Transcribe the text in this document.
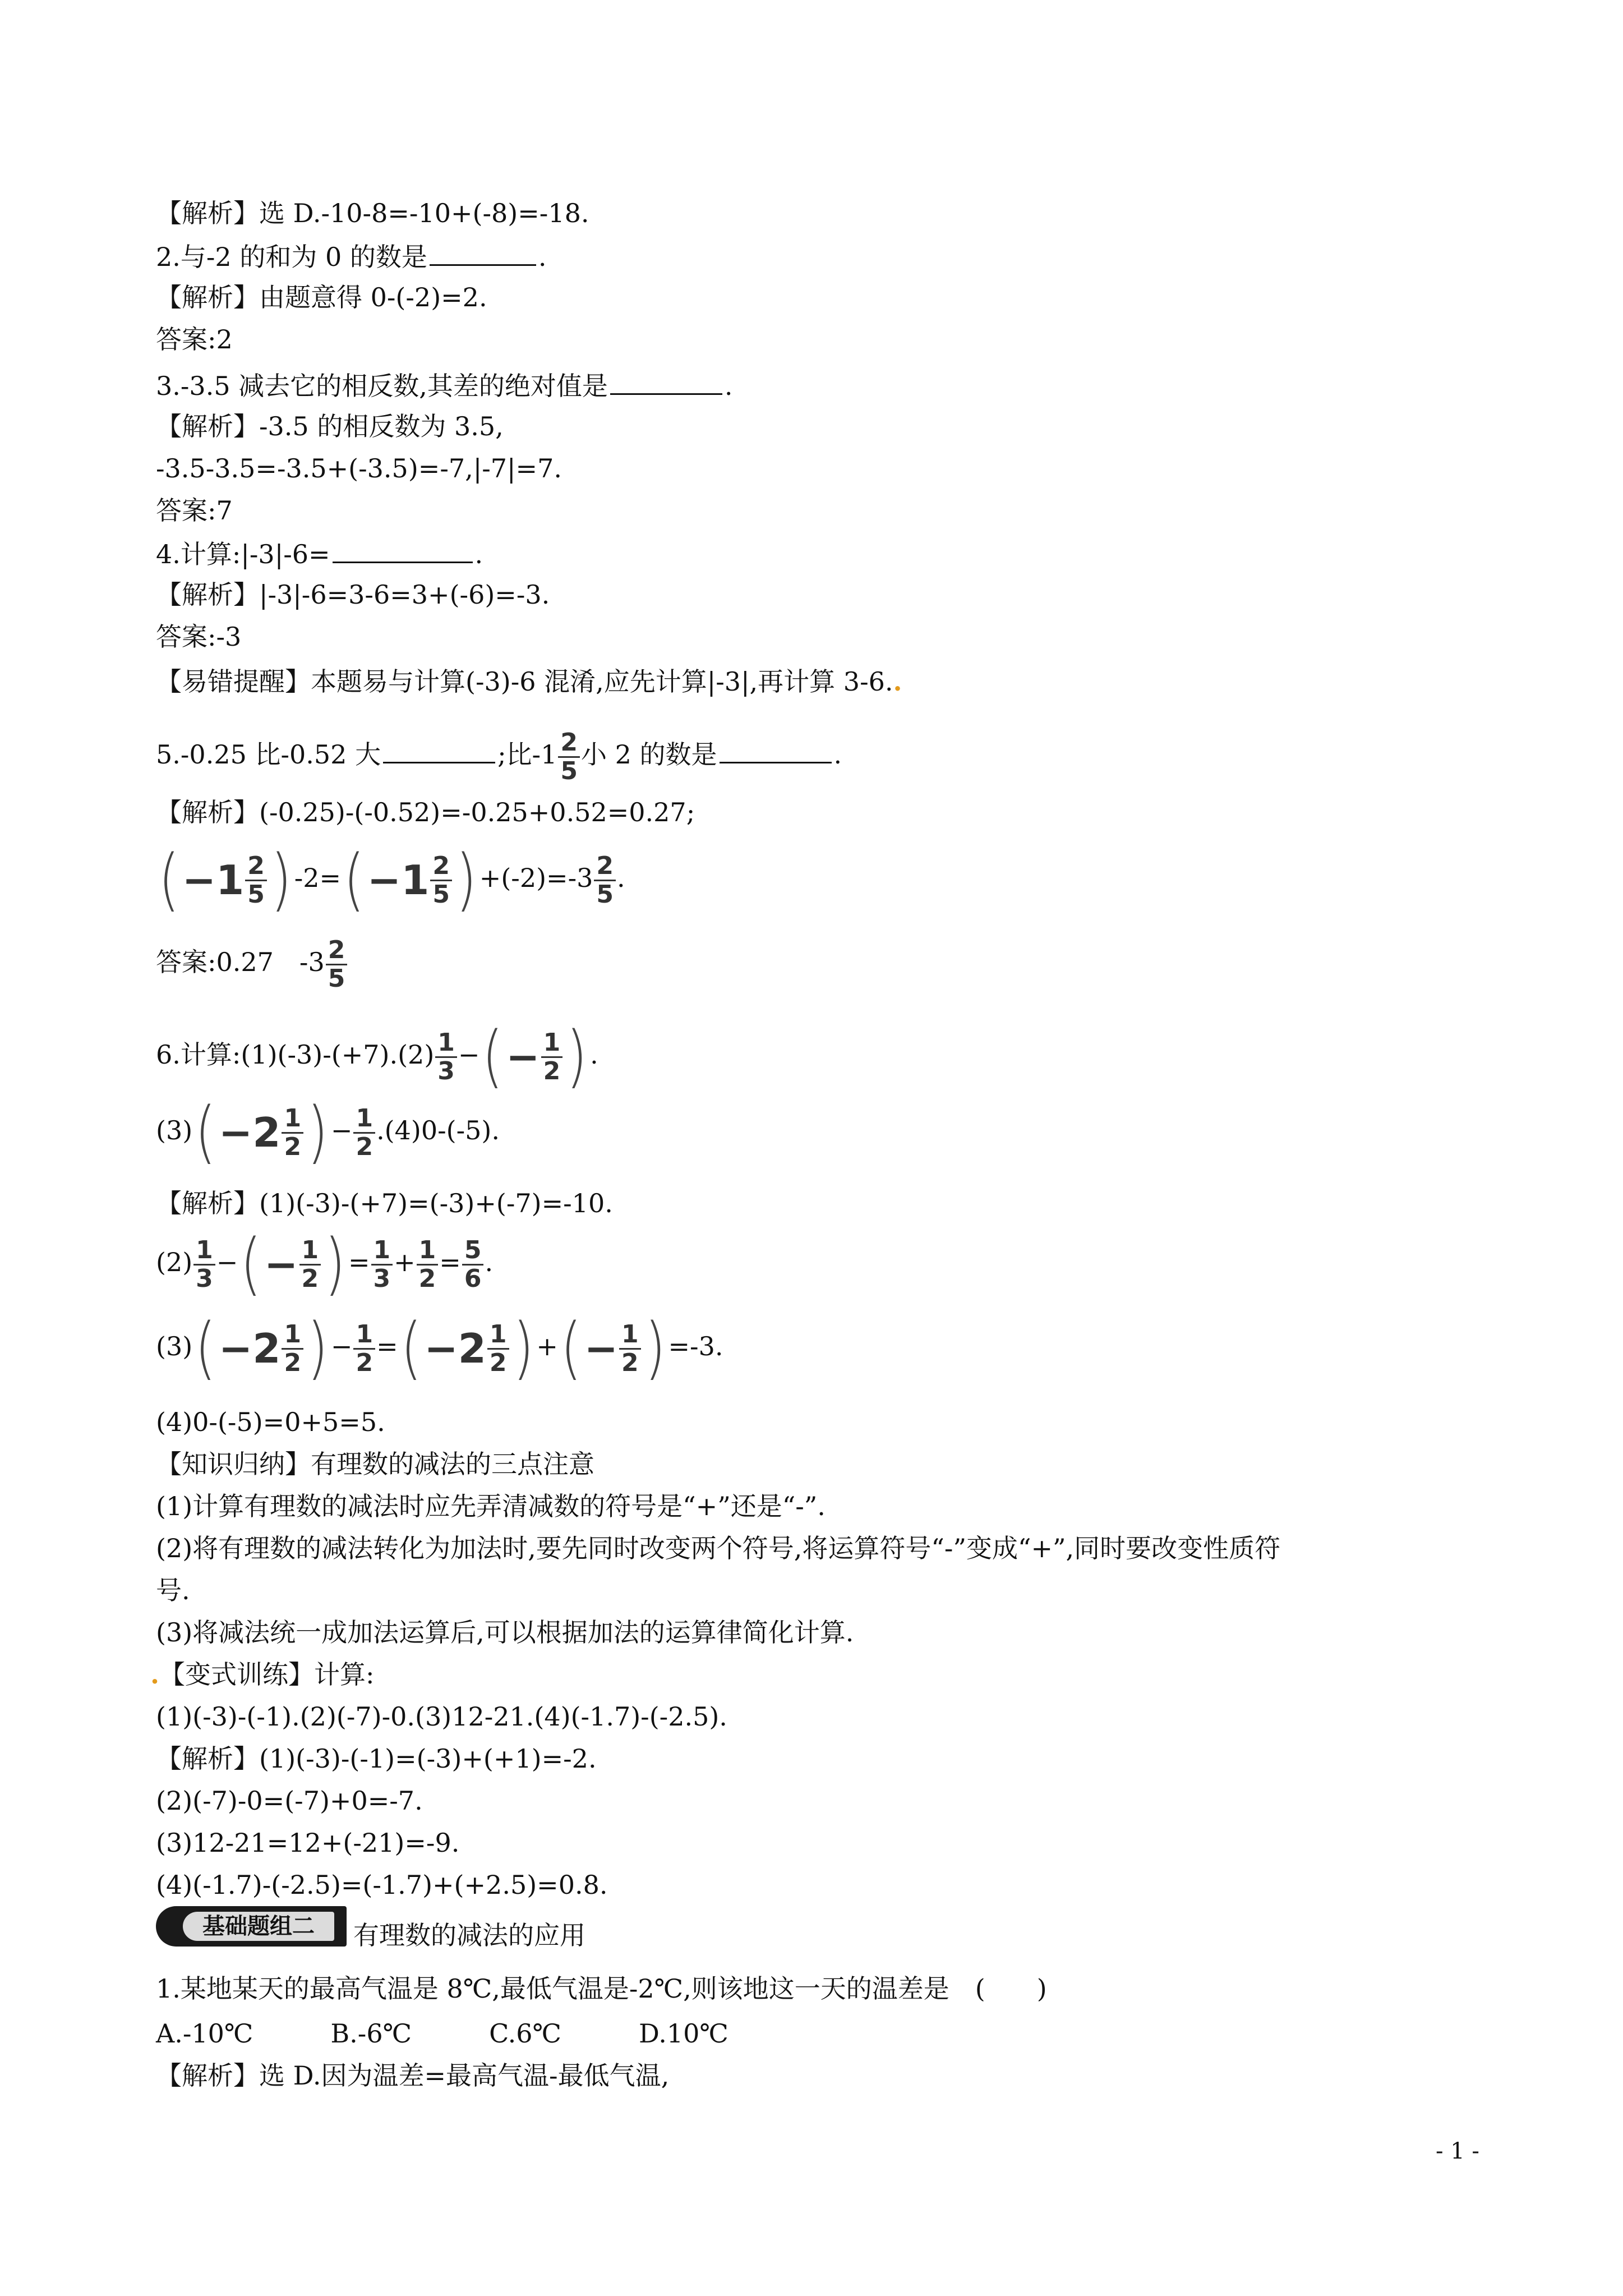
【解析】选 D.-10-8=-10+(-8)=-18.
2.与-2 的和为 0 的数是	.
【解析】由题意得 0-(-2)=2.
答案:2
3.-3.5 减去它的相反数,其差的绝对值是	.
【解析】-3.5 的相反数为 3.5,
-3.5-3.5=-3.5+(-3.5)=-7,|-7|=7.
答案:7
4.计算:|-3|-6=	.
【解析】|-3|-6=3-6=3+(-6)=-3.
答案:-3
【易错提醒】本题易与计算(-3)-6 混淆,应先计算|-3|,再计算 3-6..
5.-0.25 比-0.52 大	;比$-1 \frac{2}{5}$ 小 2 的数是	.
【解析】(-0.25)-(-0.52)=-0.25+0.52=0.27;
($-1 \frac{2}{5}$ ) $-2=(-1 \frac{2}{5}$ ) $+(-2)=-3 \frac{2}{5}$ .
答案:0.27　$-3 \frac{2}{5}$
6.计算:(1)(-3)-(+7).(2) $\frac{1}{3}$ −(− $\frac{1}{2}$ ) .
$(3)(-2 \frac{1}{2}$ ) − $\frac{1}{2} .(4)0-(-5)$.
【解析】(1)(-3)-(+7)=(-3)+(-7)=-10.
$(2) \frac{1}{3}$ −(− $\frac{1}{2}$ ) = $\frac{1}{3} + \frac{1}{2} = \frac{5}{6}$ .
$(3)(-2 \frac{1}{2}$ ) − $\frac{1}{2} =(-2 \frac{1}{2}$ ) +(− $\frac{1}{2}$ ) =-3.
(4)0-(-5)=0+5=5.
【知识归纳】有理数的减法的三点注意
(1)计算有理数的减法时应先弄清减数的符号是“+”还是“-”.
(2)将有理数的减法转化为加法时,要先同时改变两个符号,将运算符号“-”变成“+”,同时要改变性质符
号.
(3)将减法统一成加法运算后,可以根据加法的运算律简化计算.
.【变式训练】计算:
(1)(-3)-(-1).(2)(-7)-0.(3)12-21.(4)(-1.7)-(-2.5).
【解析】(1)(-3)-(-1)=(-3)+(+1)=-2.
(2)(-7)-0=(-7)+0=-7.
(3)12-21=12+(-21)=-9.
(4)(-1.7)-(-2.5)=(-1.7)+(+2.5)=0.8.
基础题组二	有理数的减法的应用
1.某地某天的最高气温是 8℃,最低气温是-2℃,则该地这一天的温差是　(　　)
A.-10℃　　　B.-6℃　　　C.6℃　　　D.10℃
【解析】选 D.因为温差=最高气温-最低气温,
- 1 -
